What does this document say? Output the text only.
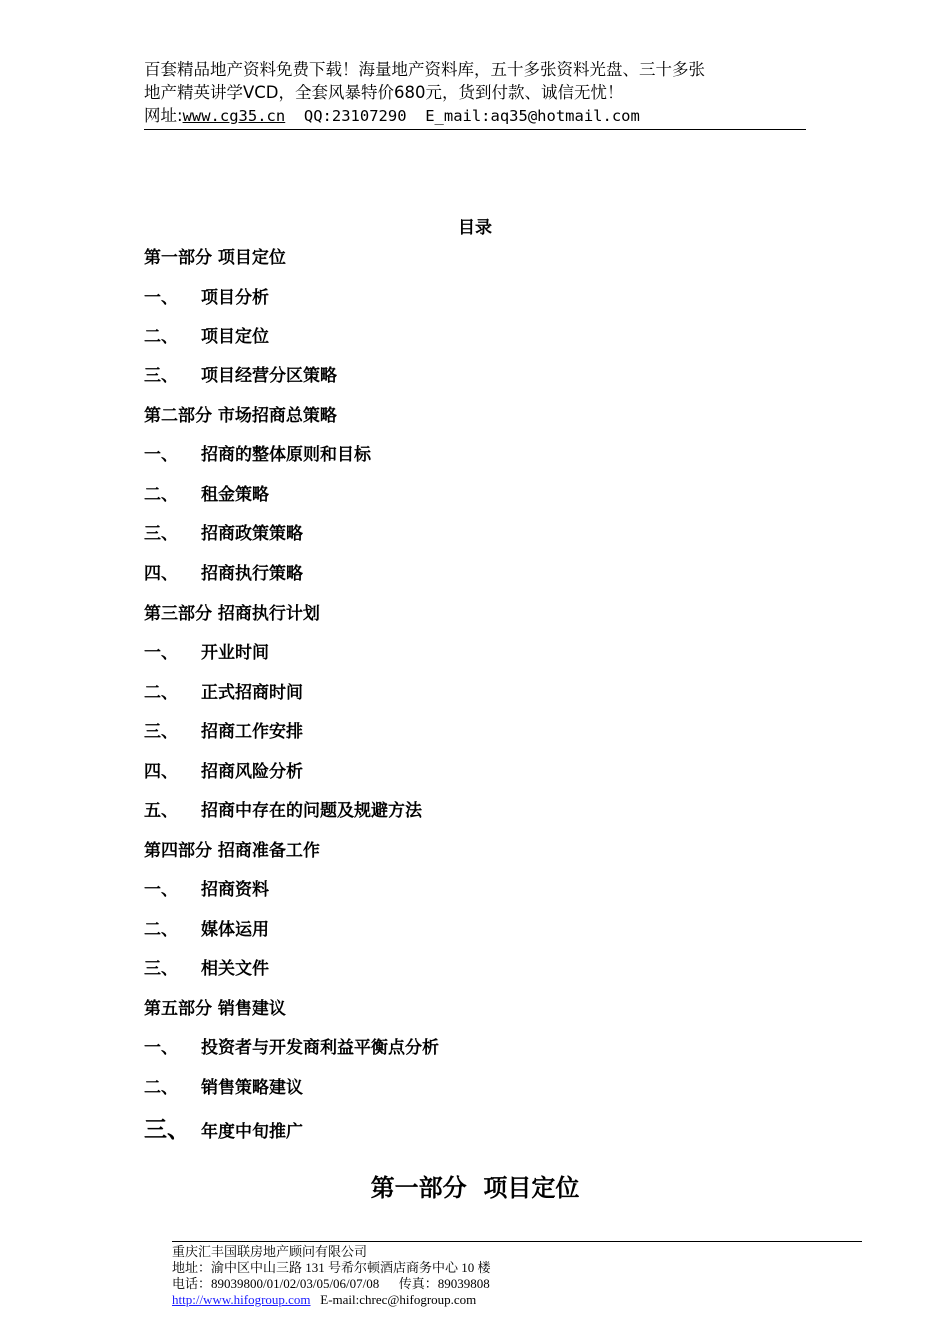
百套精品地产资料免费下载！海量地产资料库，五十多张资料光盘、三十多张
地产精英讲学VCD，全套风暴特价680元，货到付款、诚信无忧！
网址:www.cg35.cn  QQ:23107290  E_mail:aq35@hotmail.com
目录
第一部分 项目定位
一、 项目分析
二、 项目定位
三、 项目经营分区策略
第二部分 市场招商总策略
一、 招商的整体原则和目标
二、 租金策略
三、 招商政策策略
四、 招商执行策略
第三部分 招商执行计划
一、 开业时间
二、 正式招商时间
三、 招商工作安排
四、 招商风险分析
五、 招商中存在的问题及规避方法
第四部分 招商准备工作
一、 招商资料
二、 媒体运用
三、 相关文件
第五部分 销售建议
一、 投资者与开发商利益平衡点分析
二、 销售策略建议
三、 年度中旬推广
第一部分  项目定位
重庆汇丰国联房地产顾问有限公司
地址：渝中区中山三路 131 号希尔顿酒店商务中心 10 楼
电话：89039800/01/02/03/05/06/07/08      传真：89039808
http://www.hifogroup.com   E-mail:chrec@hifogroup.com
